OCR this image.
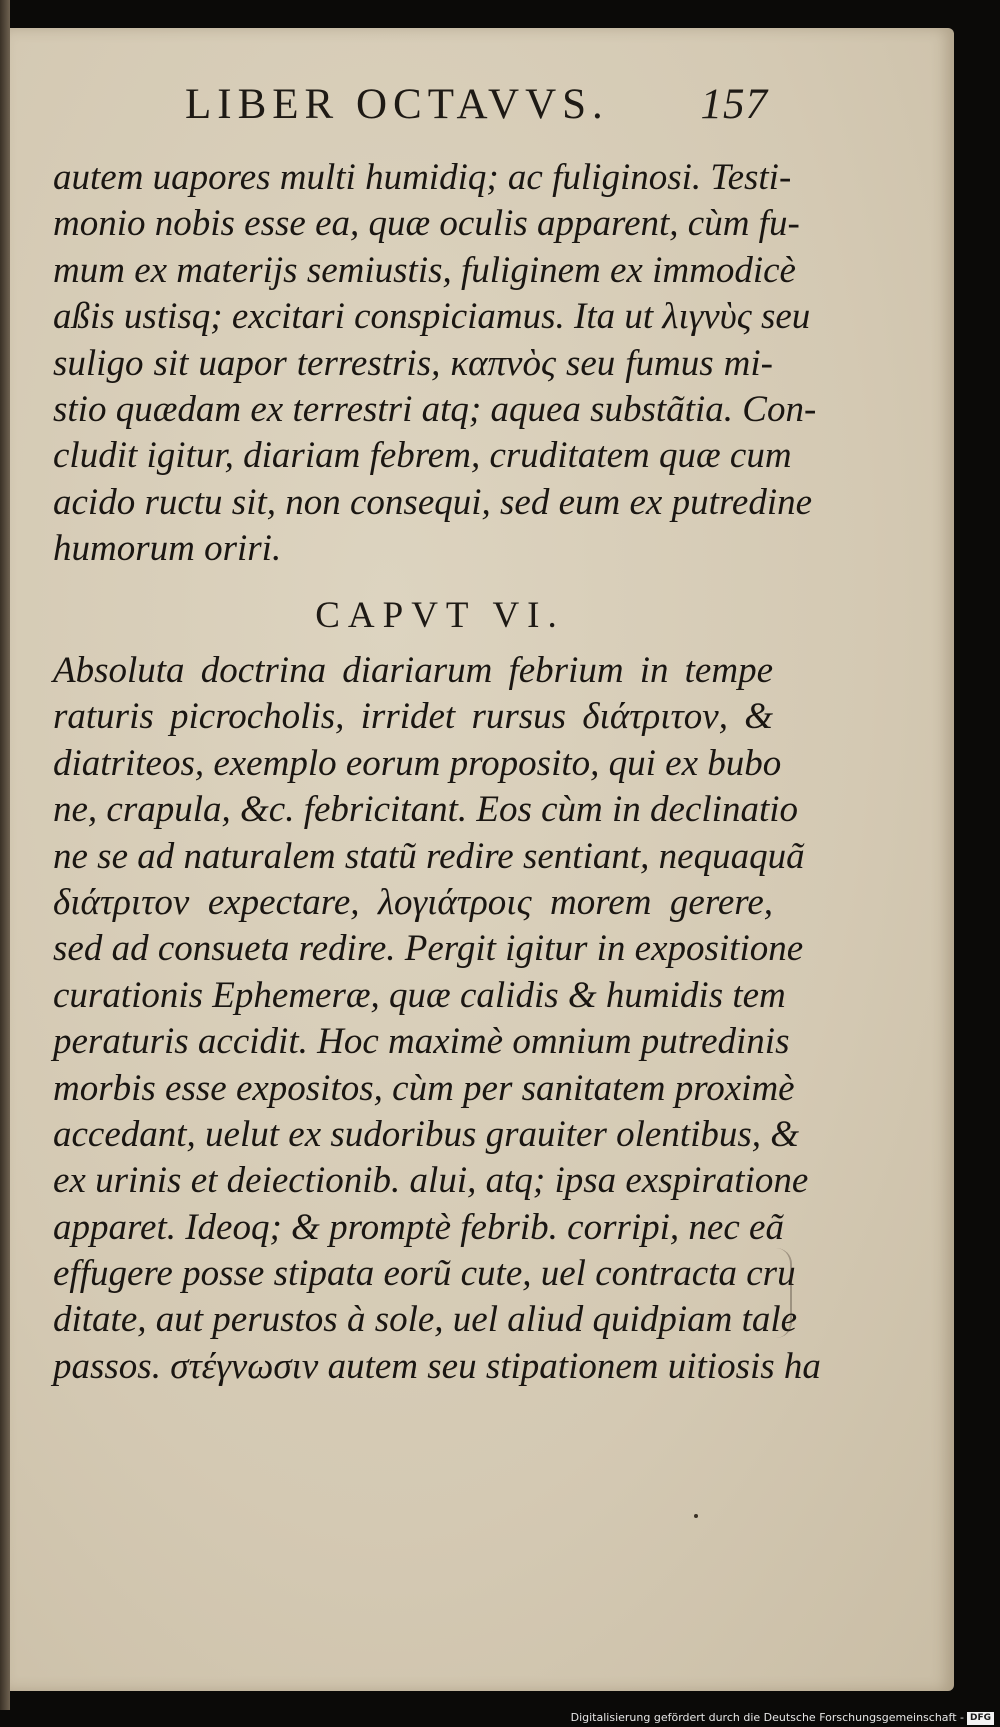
LIBER OCTAVVS. 157
autem uapores multi humidiq; ac fuliginosi. Testi-
monio nobis esse ea, quæ oculis apparent, cùm fu-
mum ex materijs semiustis, fuliginem ex immodicè
aßis ustisq; excitari conspiciamus. Ita ut λιγνὺς seu
suligo sit uapor terrestris, καπνὸς seu fumus mi-
stio quædam ex terrestri atq; aquea substãtia. Con-
cludit igitur, diariam febrem, cruditatem quæ cum
acido ructu sit, non consequi, sed eum ex putredine
humorum oriri.
CAPVT VI.
Absoluta doctrina diariarum febrium in tempe
raturis picrocholis, irridet rursus διάτριτον, &
diatriteos, exemplo eorum proposito, qui ex bubo
ne, crapula, &c. febricitant. Eos cùm in declinatio
ne se ad naturalem statũ redire sentiant, nequaquã
διάτριτον expectare, λογιάτροις morem gerere,
sed ad consueta redire. Pergit igitur in expositione
curationis Ephemeræ, quæ calidis & humidis tem
peraturis accidit. Hoc maximè omnium putredinis
morbis esse expositos, cùm per sanitatem proximè
accedant, uelut ex sudoribus grauiter olentibus, &
ex urinis et deiectionib. alui, atq; ipsa exspiratione
apparet. Ideoq; & promptè febrib. corripi, nec eã
effugere posse stipata eorũ cute, uel contracta cru
ditate, aut perustos à sole, uel aliud quidpiam tale
passos. στέγνωσιν autem seu stipationem uitiosis ha
Digitalisierung gefördert durch die Deutsche Forschungsgemeinschaft - DFG
